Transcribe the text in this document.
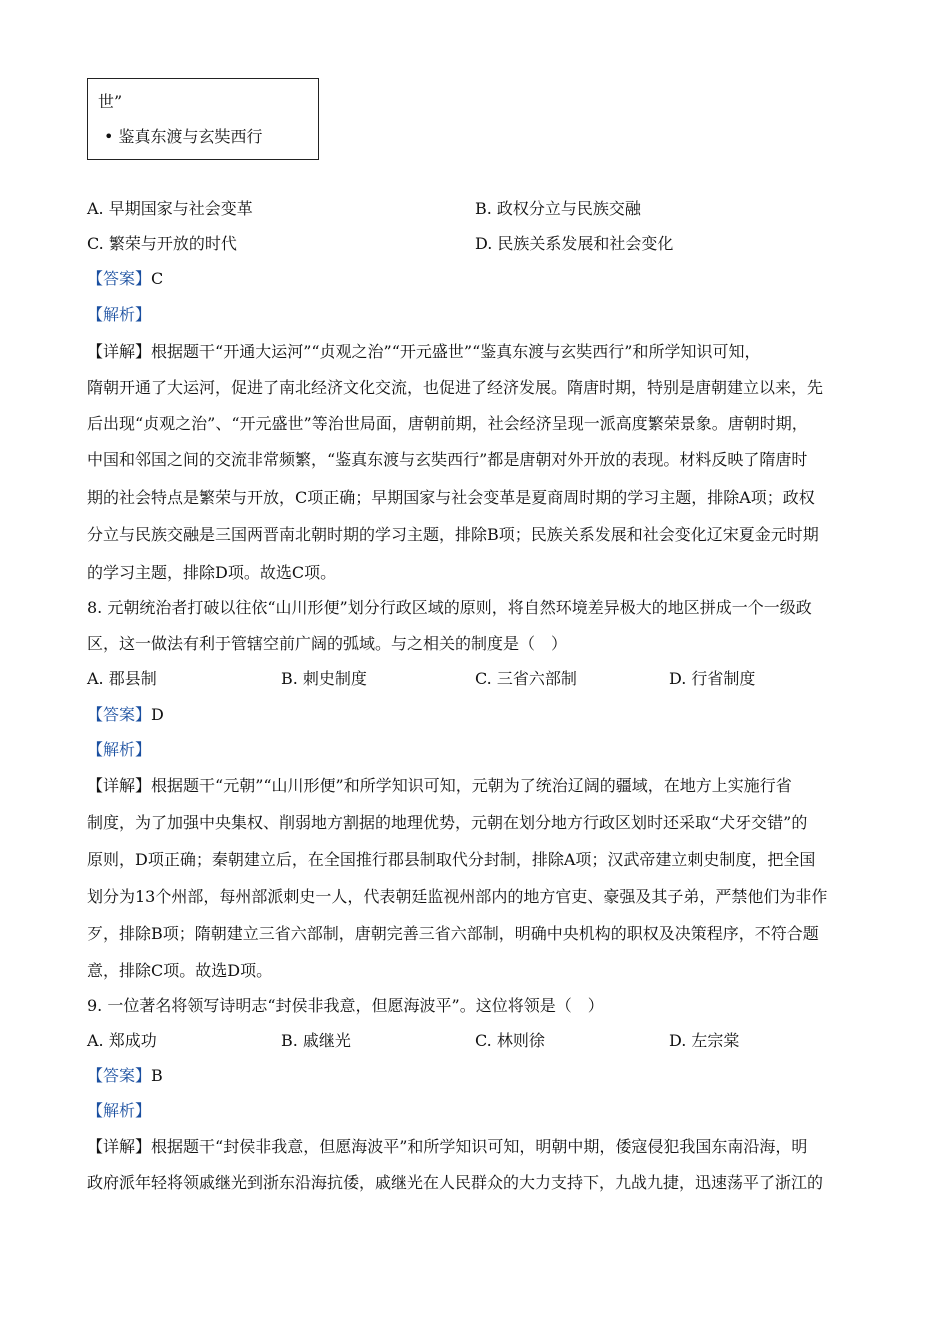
世”
• 鉴真东渡与玄奘西行
A. 早期国家与社会变革	B. 政权分立与民族交融
C. 繁荣与开放的时代	D. 民族关系发展和社会变化
【答案】C
【解析】
【详解】根据题干“开通大运河”“贞观之治”“开元盛世”“鉴真东渡与玄奘西行”和所学知识可知，
隋朝开通了大运河，促进了南北经济文化交流，也促进了经济发展。隋唐时期，特别是唐朝建立以来，先
后出现“贞观之治”、“开元盛世”等治世局面，唐朝前期，社会经济呈现一派高度繁荣景象。唐朝时期，
中国和邻国之间的交流非常频繁，“鉴真东渡与玄奘西行”都是唐朝对外开放的表现。材料反映了隋唐时
期的社会特点是繁荣与开放，C项正确；早期国家与社会变革是夏商周时期的学习主题，排除A项；政权
分立与民族交融是三国两晋南北朝时期的学习主题，排除B项；民族关系发展和社会变化辽宋夏金元时期
的学习主题，排除D项。故选C项。
8. 元朝统治者打破以往依“山川形便”划分行政区域的原则，将自然环境差异极大的地区拼成一个一级政
区，这一做法有利于管辖空前广阔的弧域。与之相关的制度是（　）
A. 郡县制	B. 刺史制度	C. 三省六部制	D. 行省制度
【答案】D
【解析】
【详解】根据题干“元朝”“山川形便”和所学知识可知，元朝为了统治辽阔的疆域，在地方上实施行省
制度，为了加强中央集权、削弱地方割据的地理优势，元朝在划分地方行政区划时还采取“犬牙交错”的
原则，D项正确；秦朝建立后，在全国推行郡县制取代分封制，排除A项；汉武帝建立刺史制度，把全国
划分为13个州部，每州部派刺史一人，代表朝廷监视州部内的地方官吏、豪强及其子弟，严禁他们为非作
歹，排除B项；隋朝建立三省六部制，唐朝完善三省六部制，明确中央机构的职权及决策程序，不符合题
意，排除C项。故选D项。
9. 一位著名将领写诗明志“封侯非我意，但愿海波平”。这位将领是（　）
A. 郑成功	B. 戚继光	C. 林则徐	D. 左宗棠
【答案】B
【解析】
【详解】根据题干“封侯非我意，但愿海波平”和所学知识可知，明朝中期，倭寇侵犯我国东南沿海，明
政府派年轻将领戚继光到浙东沿海抗倭，戚继光在人民群众的大力支持下，九战九捷，迅速荡平了浙江的
